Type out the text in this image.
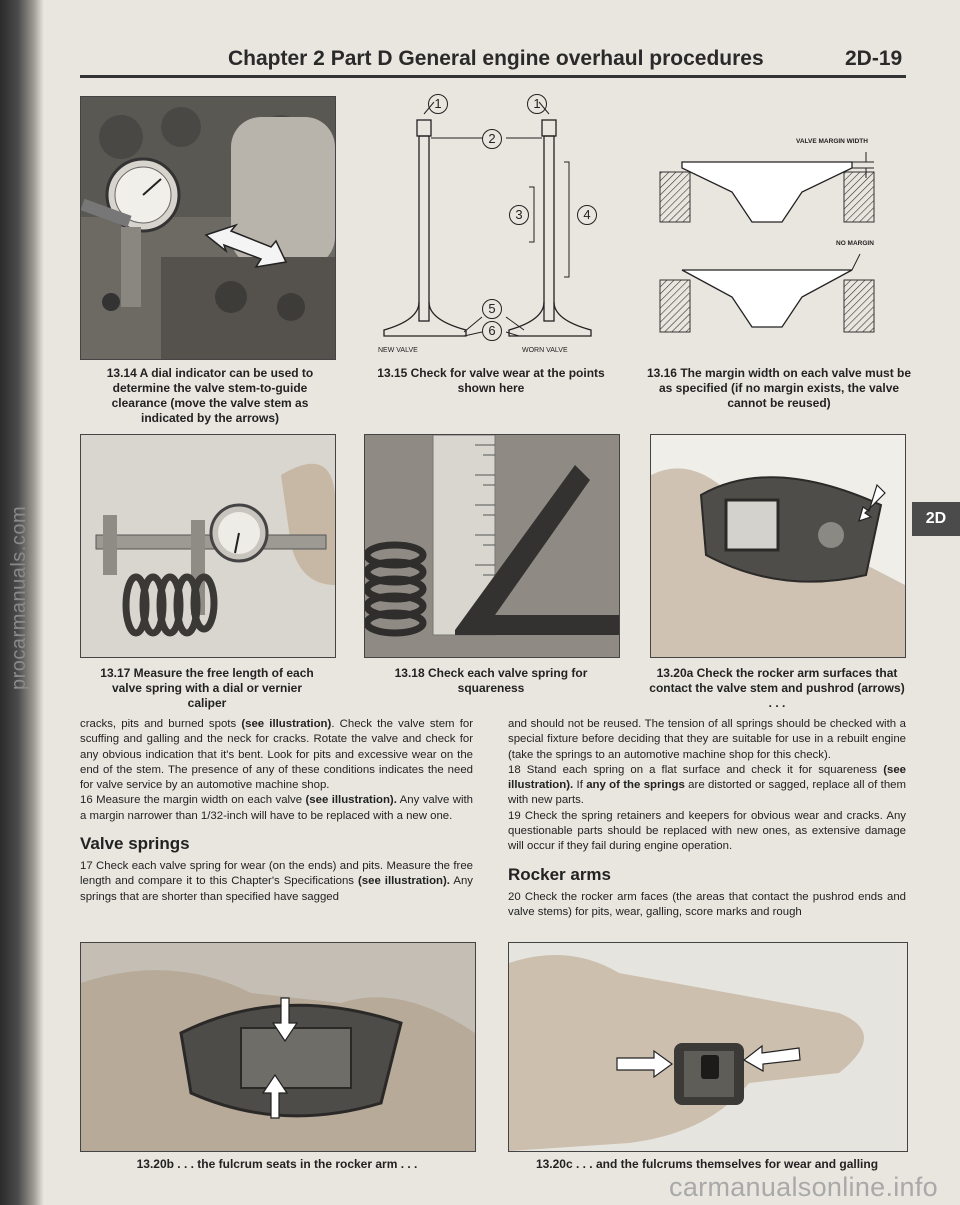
Chapter 2 Part D General engine overhaul procedures	2D-19
2D
1	1
2
3	4
5
6
NEW VALVE	WORN VALVE
VALVE MARGIN WIDTH
NO MARGIN
13.14 A dial indicator can be used to determine the valve stem-to-guide clearance (move the valve stem as indicated by the arrows)
13.15 Check for valve wear at the points shown here
13.16 The margin width on each valve must be as specified (if no margin exists, the valve cannot be reused)
13.17 Measure the free length of each valve spring with a dial or vernier caliper
13.18 Check each valve spring for squareness
13.20a Check the rocker arm surfaces that contact the valve stem and pushrod (arrows) . . .

cracks, pits and burned spots (see illustration). Check the valve stem for scuffing and galling and the neck for cracks. Rotate the valve and check for any obvious indication that it's bent. Look for pits and excessive wear on the end of the stem. The presence of any of these conditions indicates the need for valve service by an automotive machine shop.

16 Measure the margin width on each valve (see illustration). Any valve with a margin narrower than 1/32-inch will have to be replaced with a new one.

Valve springs

17 Check each valve spring for wear (on the ends) and pits. Measure the free length and compare it to this Chapter's Specifications (see illustration). Any springs that are shorter than specified have sagged

and should not be reused. The tension of all springs should be checked with a special fixture before deciding that they are suitable for use in a rebuilt engine (take the springs to an automotive machine shop for this check).

18 Stand each spring on a flat surface and check it for squareness (see illustration). If any of the springs are distorted or sagged, replace all of them with new parts.

19 Check the spring retainers and keepers for obvious wear and cracks. Any questionable parts should be replaced with new ones, as extensive damage will occur if they fail during engine operation.

Rocker arms

20 Check the rocker arm faces (the areas that contact the pushrod ends and valve stems) for pits, wear, galling, score marks and rough

13.20b . . . the fulcrum seats in the rocker arm . . .	13.20c . . . and the fulcrums themselves for wear and galling
carmanualsonline.info
